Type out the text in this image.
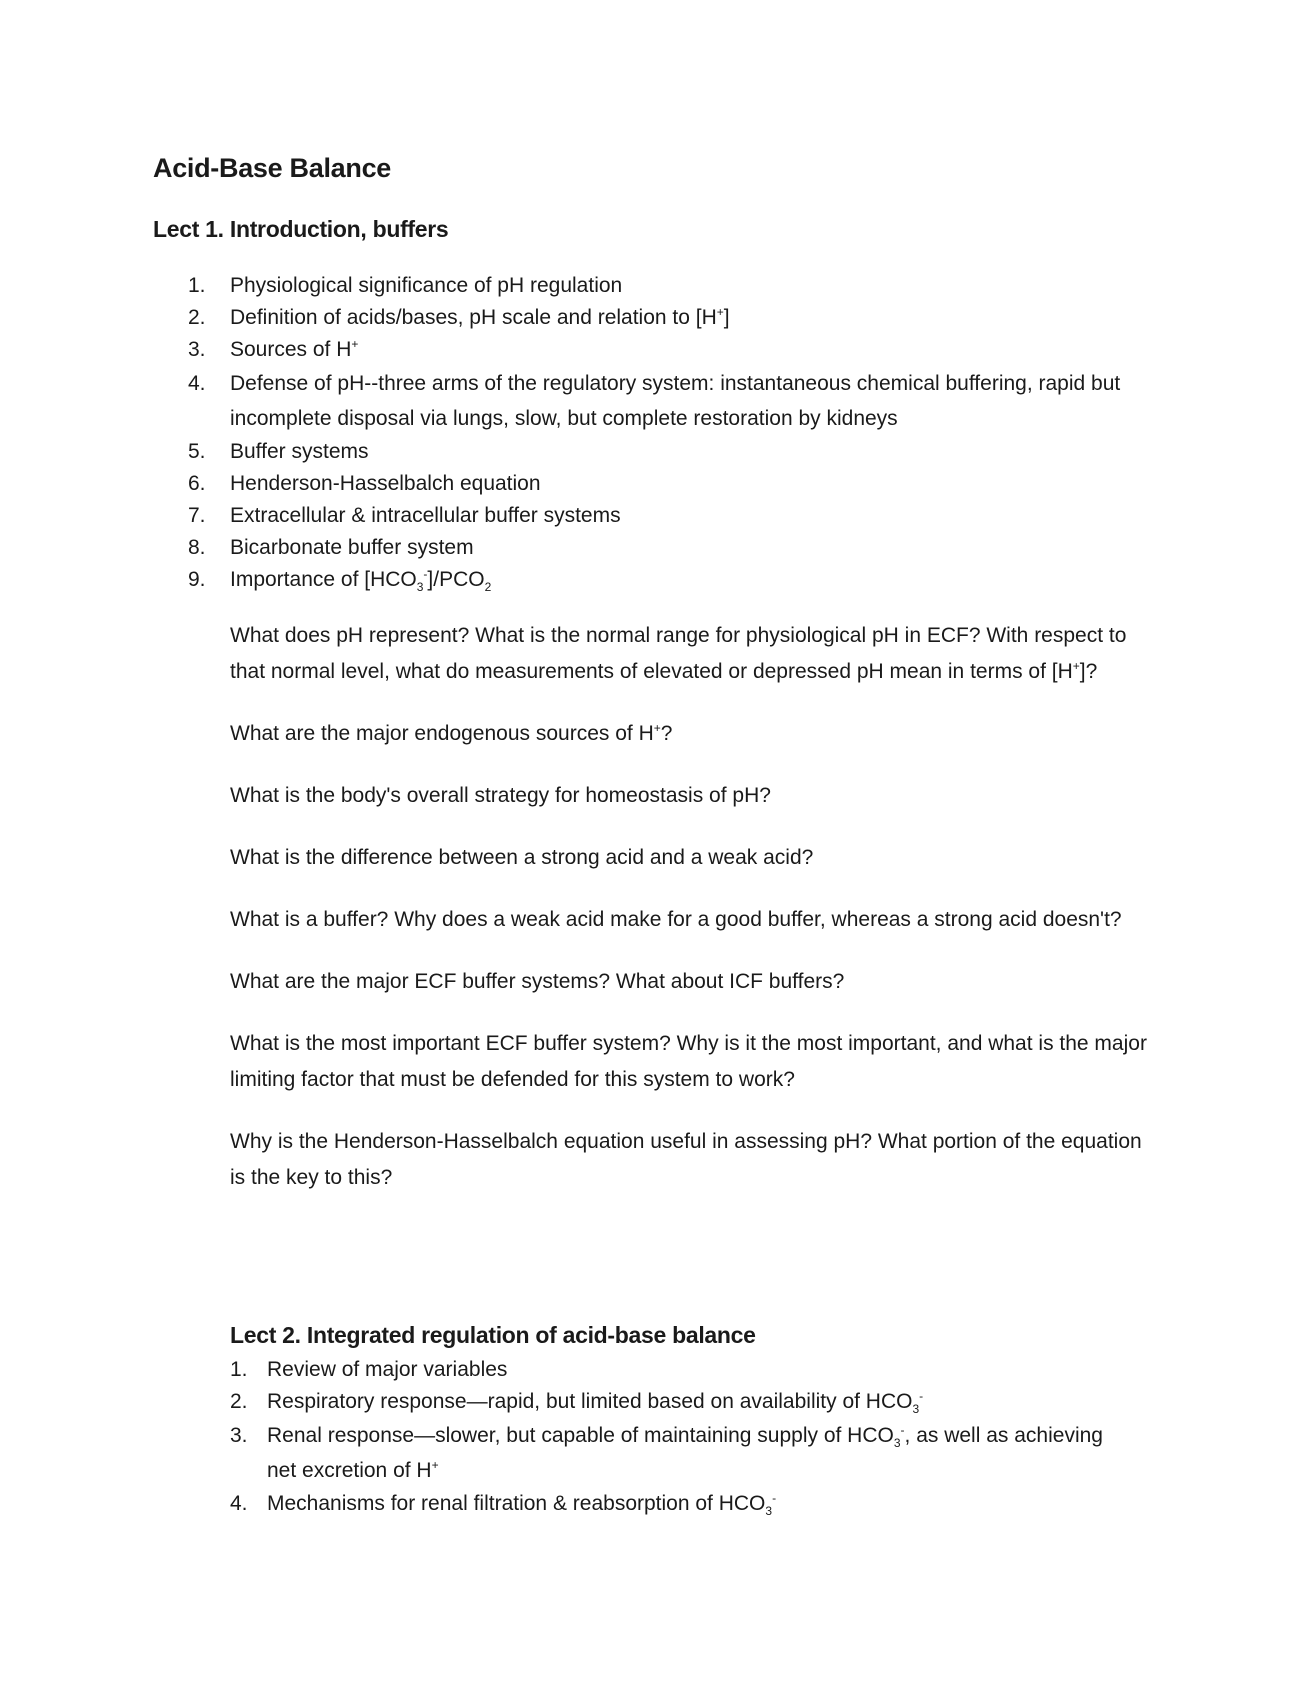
Acid-Base Balance
Lect 1. Introduction, buffers
1. Physiological significance of pH regulation
2. Definition of acids/bases, pH scale and relation to [H+]
3. Sources of H+
4. Defense of pH--three arms of the regulatory system: instantaneous chemical buffering, rapid but incomplete disposal via lungs, slow, but complete restoration by kidneys
5. Buffer systems
6. Henderson-Hasselbalch equation
7. Extracellular & intracellular buffer systems
8. Bicarbonate buffer system
9. Importance of $[HCO_3^-]/PCO_2$

What does pH represent? What is the normal range for physiological pH in ECF? With respect to that normal level, what do measurements of elevated or depressed pH mean in terms of [H+]?

What are the major endogenous sources of H+?

What is the body's overall strategy for homeostasis of pH?

What is the difference between a strong acid and a weak acid?

What is a buffer? Why does a weak acid make for a good buffer, whereas a strong acid doesn't?

What are the major ECF buffer systems? What about ICF buffers?

What is the most important ECF buffer system? Why is it the most important, and what is the major limiting factor that must be defended for this system to work?

Why is the Henderson-Hasselbalch equation useful in assessing pH? What portion of the equation is the key to this?

Lect 2. Integrated regulation of acid-base balance
1. Review of major variables
2. Respiratory response—rapid, but limited based on availability of $HCO_3^-$
3. Renal response—slower, but capable of maintaining supply of $HCO_3^-$, as well as achieving net excretion of H+
4. Mechanisms for renal filtration & reabsorption of $HCO_3^-$
